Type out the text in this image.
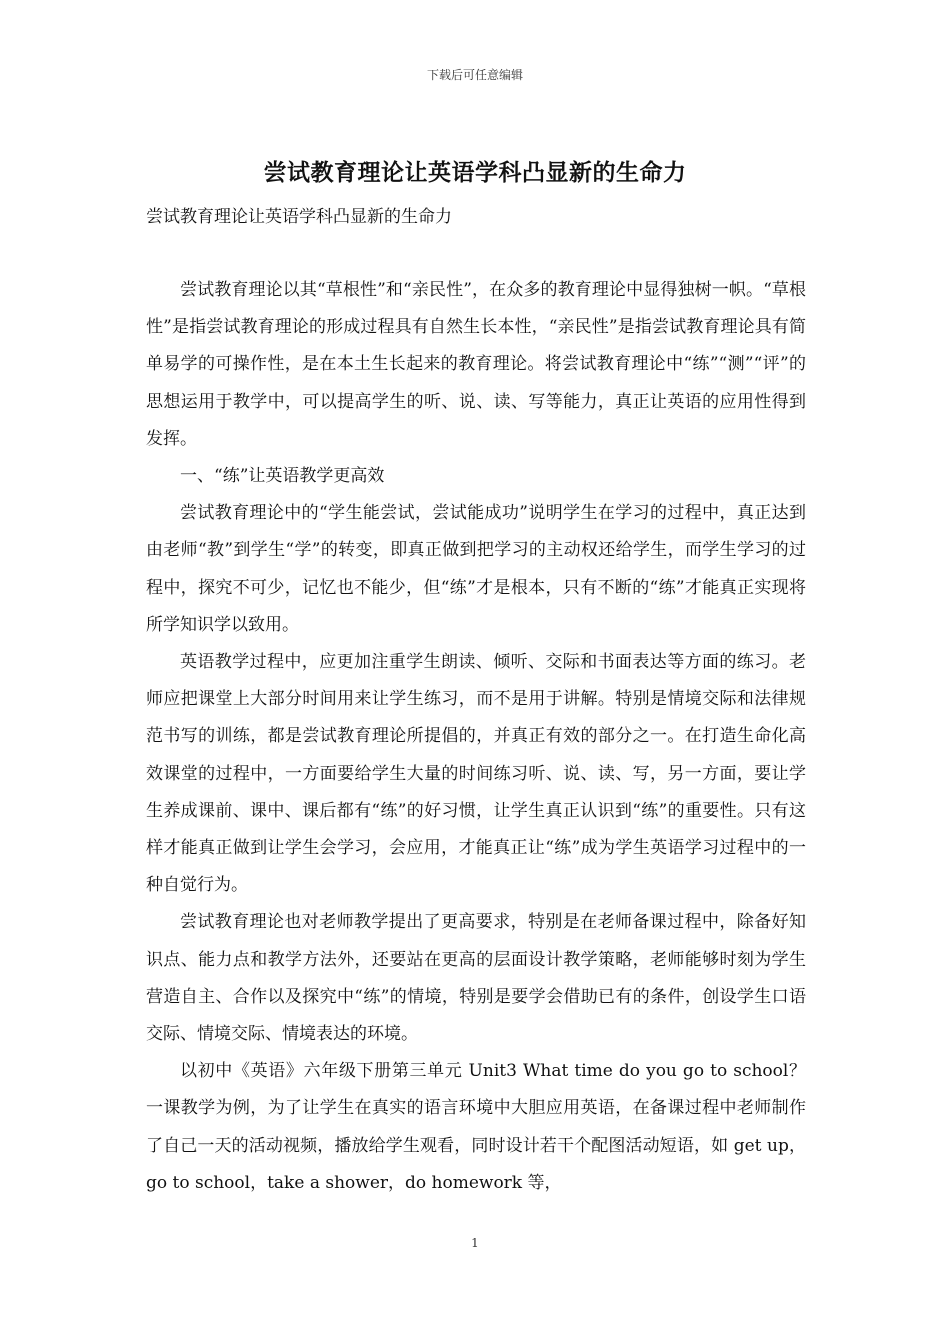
下载后可任意编辑
尝试教育理论让英语学科凸显新的生命力
尝试教育理论让英语学科凸显新的生命力

尝试教育理论以其“草根性”和“亲民性”，在众多的教育理论中显得独树一帜。“草根性”是指尝试教育理论的形成过程具有自然生长本性，“亲民性”是指尝试教育理论具有简单易学的可操作性，是在本土生长起来的教育理论。将尝试教育理论中“练”“测”“评”的思想运用于教学中，可以提高学生的听、说、读、写等能力，真正让英语的应用性得到发挥。

一、“练”让英语教学更高效

尝试教育理论中的“学生能尝试，尝试能成功”说明学生在学习的过程中，真正达到由老师“教”到学生“学”的转变，即真正做到把学习的主动权还给学生，而学生学习的过程中，探究不可少，记忆也不能少，但“练”才是根本，只有不断的“练”才能真正实现将所学知识学以致用。

英语教学过程中，应更加注重学生朗读、倾听、交际和书面表达等方面的练习。老师应把课堂上大部分时间用来让学生练习，而不是用于讲解。特别是情境交际和法律规范书写的训练，都是尝试教育理论所提倡的，并真正有效的部分之一。在打造生命化高效课堂的过程中，一方面要给学生大量的时间练习听、说、读、写，另一方面，要让学生养成课前、课中、课后都有“练”的好习惯，让学生真正认识到“练”的重要性。只有这样才能真正做到让学生会学习，会应用，才能真正让“练”成为学生英语学习过程中的一种自觉行为。

尝试教育理论也对老师教学提出了更高要求，特别是在老师备课过程中，除备好知识点、能力点和教学方法外，还要站在更高的层面设计教学策略，老师能够时刻为学生营造自主、合作以及探究中“练”的情境，特别是要学会借助已有的条件，创设学生口语交际、情境交际、情境表达的环境。

以初中《英语》六年级下册第三单元 Unit3 What time do you go to school？一课教学为例，为了让学生在真实的语言环境中大胆应用英语，在备课过程中老师制作了自己一天的活动视频，播放给学生观看，同时设计若干个配图活动短语，如 get up，go to school，take a shower，do homework 等，

1
